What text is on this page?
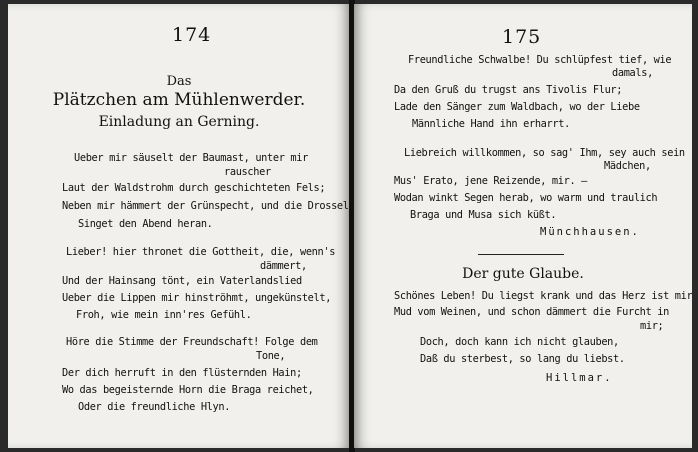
174
Das
Plätzchen am Mühlenwerder.
Einladung an Gerning.
Ueber mir säuselt der Baumast, unter mir
rauscher
Laut der Waldstrohm durch geschichteten Fels;
Neben mir hämmert der Grünspecht, und die Drossel
Singet den Abend heran.
Lieber! hier thronet die Gottheit, die, wenn's
dämmert,
Und der Hainsang tönt, ein Vaterlandslied
Ueber die Lippen mir hinströhmt, ungekünstelt,
Froh, wie mein inn'res Gefühl.
Höre die Stimme der Freundschaft! Folge dem
Tone,
Der dich herruft in den flüsternden Hain;
Wo das begeisternde Horn die Braga reichet,
Oder die freundliche Hlyn.
175
Freundliche Schwalbe! Du schlüpfest tief, wie
damals,
Da den Gruß du trugst ans Tivolis Flur;
Lade den Sänger zum Waldbach, wo der Liebe
Männliche Hand ihn erharrt.
Liebreich willkommen, so sag' Ihm, sey auch sein
Mädchen,
Mus' Erato, jene Reizende, mir. —
Wodan winkt Segen herab, wo warm und traulich
Braga und Musa sich küßt.
Münchhausen.
Der gute Glaube.
Schönes Leben! Du liegst krank und das Herz ist mir
Mud vom Weinen, und schon dämmert die Furcht in
mir;
Doch, doch kann ich nicht glauben,
Daß du sterbest, so lang du liebst.
Hillmar.
